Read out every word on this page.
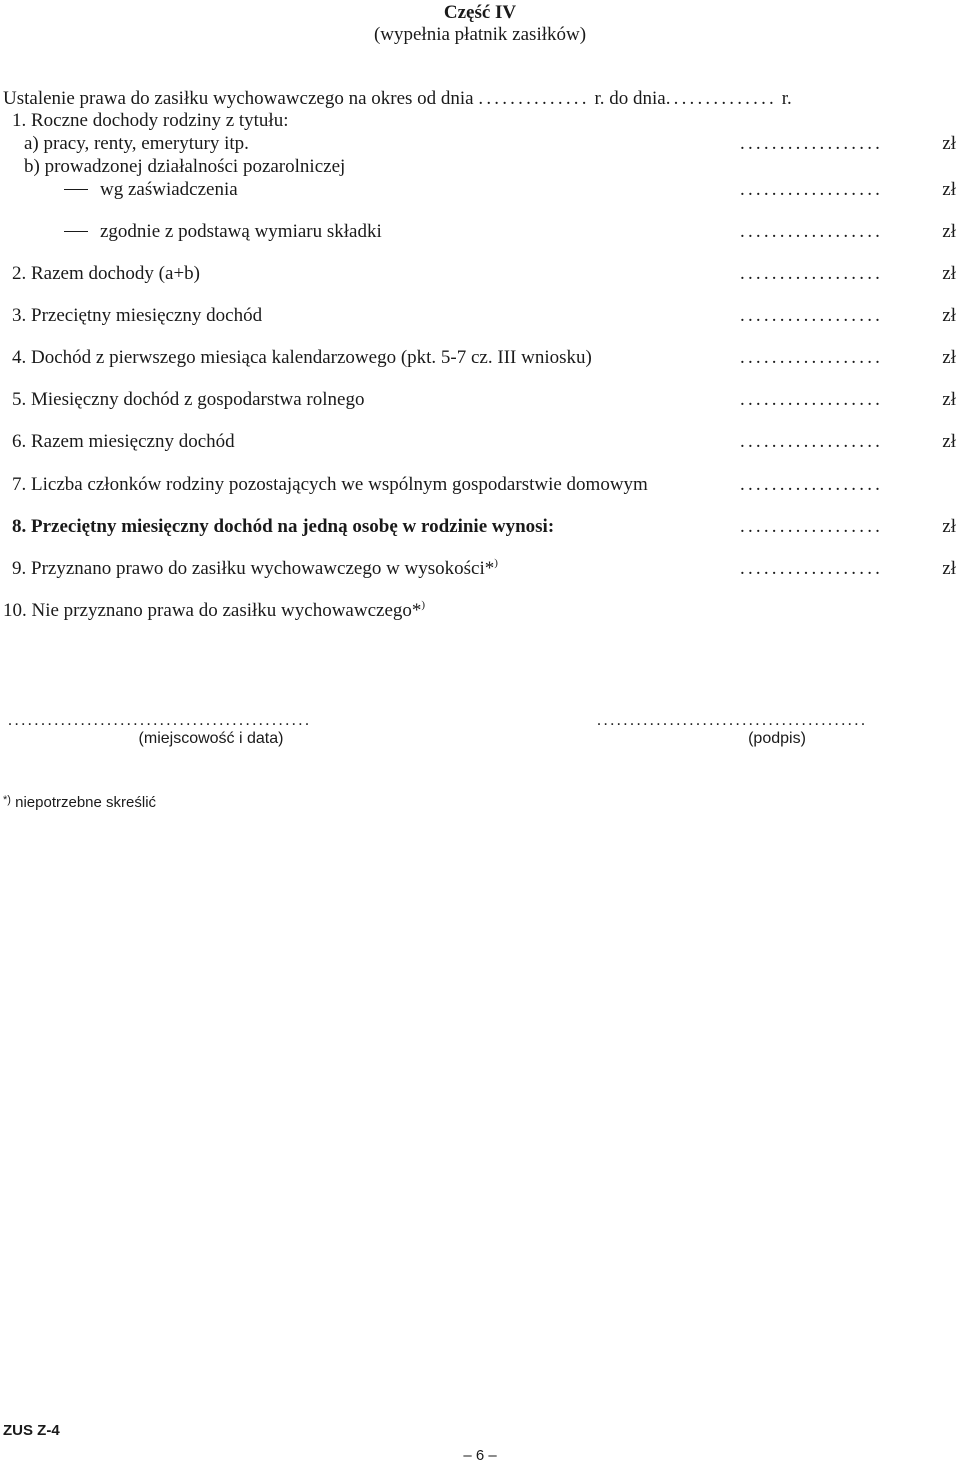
Część IV
(wypełnia płatnik zasiłków)
Ustalenie prawa do zasiłku wychowawczego na okres od dnia .............. r. do dnia.............. r.
1. Roczne dochody rodziny z tytułu:
a) pracy, renty, emerytury itp.	..................	zł
b) prowadzonej działalności pozarolniczej
wg zaświadczenia	..................	zł
zgodnie z podstawą wymiaru składki	..................	zł
2. Razem dochody (a+b)	..................	zł
3. Przeciętny miesięczny dochód	..................	zł
4. Dochód z pierwszego miesiąca kalendarzowego (pkt. 5-7 cz. III wniosku)	..................	zł
5. Miesięczny dochód z gospodarstwa rolnego	..................	zł
6. Razem miesięczny dochód	..................	zł
7. Liczba członków rodziny pozostających we wspólnym gospodarstwie domowym	..................
8. Przeciętny miesięczny dochód na jedną osobę w rodzinie wynosi:	..................	zł
9. Przyznano prawo do zasiłku wychowawczego w wysokości*)	..................	zł
10. Nie przyznano prawa do zasiłku wychowawczego*)
..............................................
(miejscowość i data)
.........................................
(podpis)
*) niepotrzebne skreślić
ZUS Z-4
– 6 –
